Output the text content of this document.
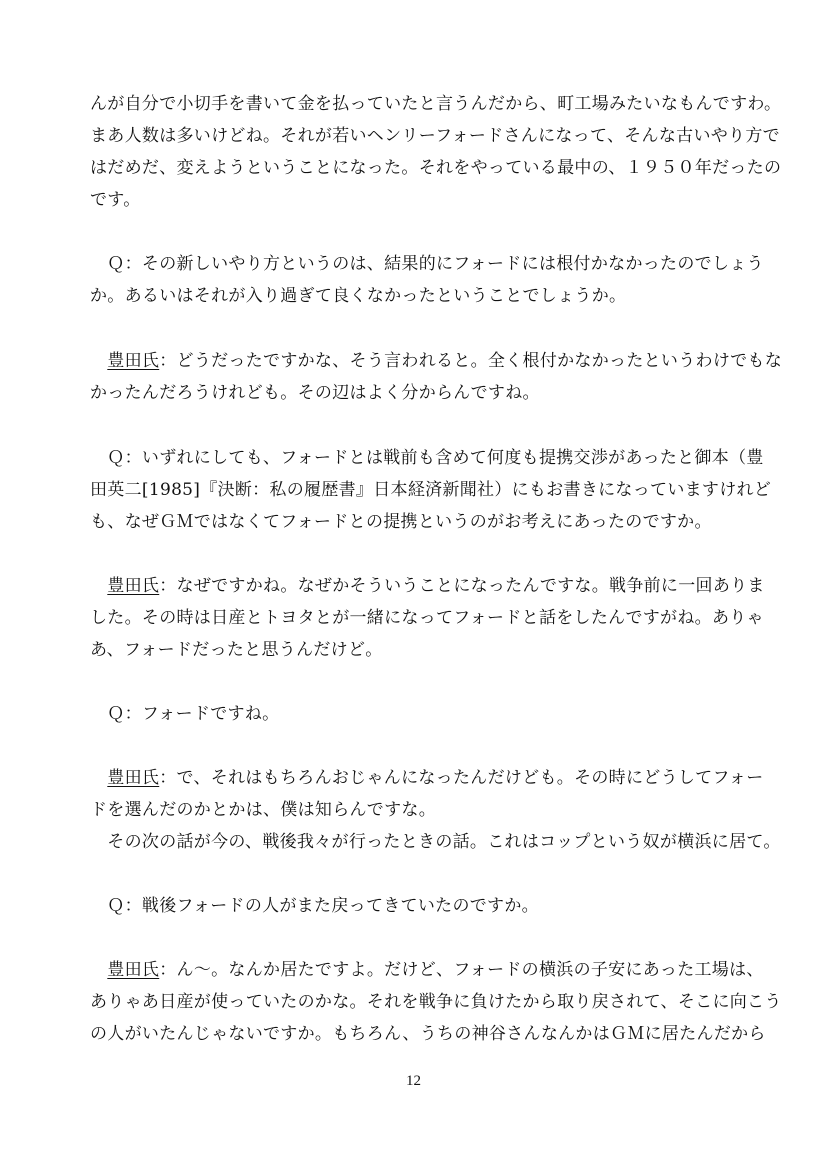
んが自分で小切手を書いて金を払っていたと言うんだから、町工場みたいなもんですわ。
まあ人数は多いけどね。それが若いヘンリーフォードさんになって、そんな古いやり方で
はだめだ、変えようということになった。それをやっている最中の、１９５０年だったの
です。
　Ｑ：その新しいやり方というのは、結果的にフォードには根付かなかったのでしょう
か。あるいはそれが入り過ぎて良くなかったということでしょうか。
　豊田氏：どうだったですかな、そう言われると。全く根付かなかったというわけでもな
かったんだろうけれども。その辺はよく分からんですね。
　Ｑ：いずれにしても、フォードとは戦前も含めて何度も提携交渉があったと御本（豊
田英二[1985]『決断：私の履歴書』日本経済新聞社）にもお書きになっていますけれど
も、なぜＧＭではなくてフォードとの提携というのがお考えにあったのですか。
　豊田氏：なぜですかね。なぜかそういうことになったんですな。戦争前に一回ありま
した。その時は日産とトヨタとが一緒になってフォードと話をしたんですがね。ありゃ
あ、フォードだったと思うんだけど。
　Ｑ：フォードですね。
　豊田氏：で、それはもちろんおじゃんになったんだけども。その時にどうしてフォー
ドを選んだのかとかは、僕は知らんですな。
　その次の話が今の、戦後我々が行ったときの話。これはコップという奴が横浜に居て。
　Ｑ：戦後フォードの人がまた戻ってきていたのですか。
　豊田氏：ん～。なんか居たですよ。だけど、フォードの横浜の子安にあった工場は、
ありゃあ日産が使っていたのかな。それを戦争に負けたから取り戻されて、そこに向こう
の人がいたんじゃないですか。もちろん、うちの神谷さんなんかはＧＭに居たんだから
12
